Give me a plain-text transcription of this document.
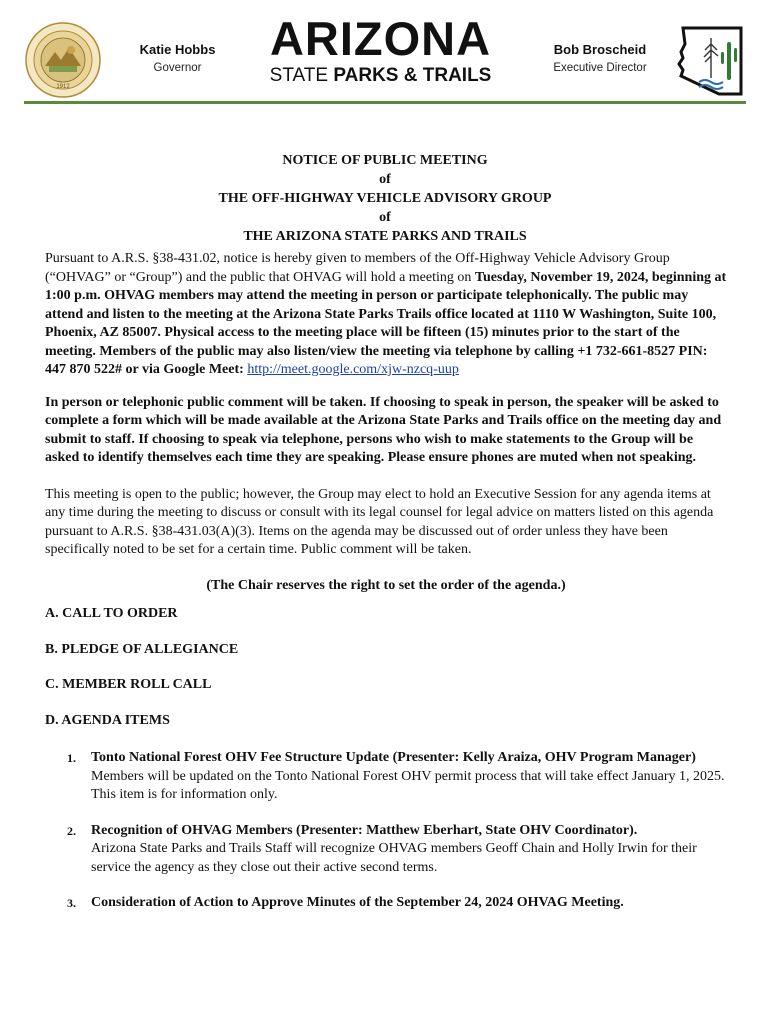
1912
Katie Hobbs
Governor
ARIZONA
STATE PARKS & TRAILS
Bob Broscheid
Executive Director
NOTICE OF PUBLIC MEETING
of
THE OFF-HIGHWAY VEHICLE ADVISORY GROUP
of
THE ARIZONA STATE PARKS AND TRAILS

Pursuant to A.R.S. §38-431.02, notice is hereby given to members of the Off-Highway Vehicle Advisory Group (“OHVAG” or “Group”) and the public that OHVAG will hold a meeting on Tuesday, November 19, 2024, beginning at 1:00 p.m. OHVAG members may attend the meeting in person or participate telephonically. The public may attend and listen to the meeting at the Arizona State Parks Trails office located at 1110 W Washington, Suite 100, Phoenix, AZ 85007. Physical access to the meeting place will be fifteen (15) minutes prior to the start of the meeting. Members of the public may also listen/view the meeting via telephone by calling +1 732-661-8527 PIN: 447 870 522# or via Google Meet: http://meet.google.com/xjw-nzcq-uup

In person or telephonic public comment will be taken. If choosing to speak in person, the speaker will be asked to complete a form which will be made available at the Arizona State Parks and Trails office on the meeting day and submit to staff. If choosing to speak via telephone, persons who wish to make statements to the Group will be asked to identify themselves each time they are speaking. Please ensure phones are muted when not speaking.

This meeting is open to the public; however, the Group may elect to hold an Executive Session for any agenda items at any time during the meeting to discuss or consult with its legal counsel for legal advice on matters listed on this agenda pursuant to A.R.S. §38-431.03(A)(3). Items on the agenda may be discussed out of order unless they have been specifically noted to be set for a certain time. Public comment will be taken.

(The Chair reserves the right to set the order of the agenda.)

A. CALL TO ORDER

B. PLEDGE OF ALLEGIANCE

C. MEMBER ROLL CALL

D. AGENDA ITEMS

1. Tonto National Forest OHV Fee Structure Update (Presenter: Kelly Araiza, OHV Program Manager)
Members will be updated on the Tonto National Forest OHV permit process that will take effect January 1, 2025. This item is for information only.
2. Recognition of OHVAG Members (Presenter: Matthew Eberhart, State OHV Coordinator).
Arizona State Parks and Trails Staff will recognize OHVAG members Geoff Chain and Holly Irwin for their service the agency as they close out their active second terms.
3. Consideration of Action to Approve Minutes of the September 24, 2024 OHVAG Meeting.
